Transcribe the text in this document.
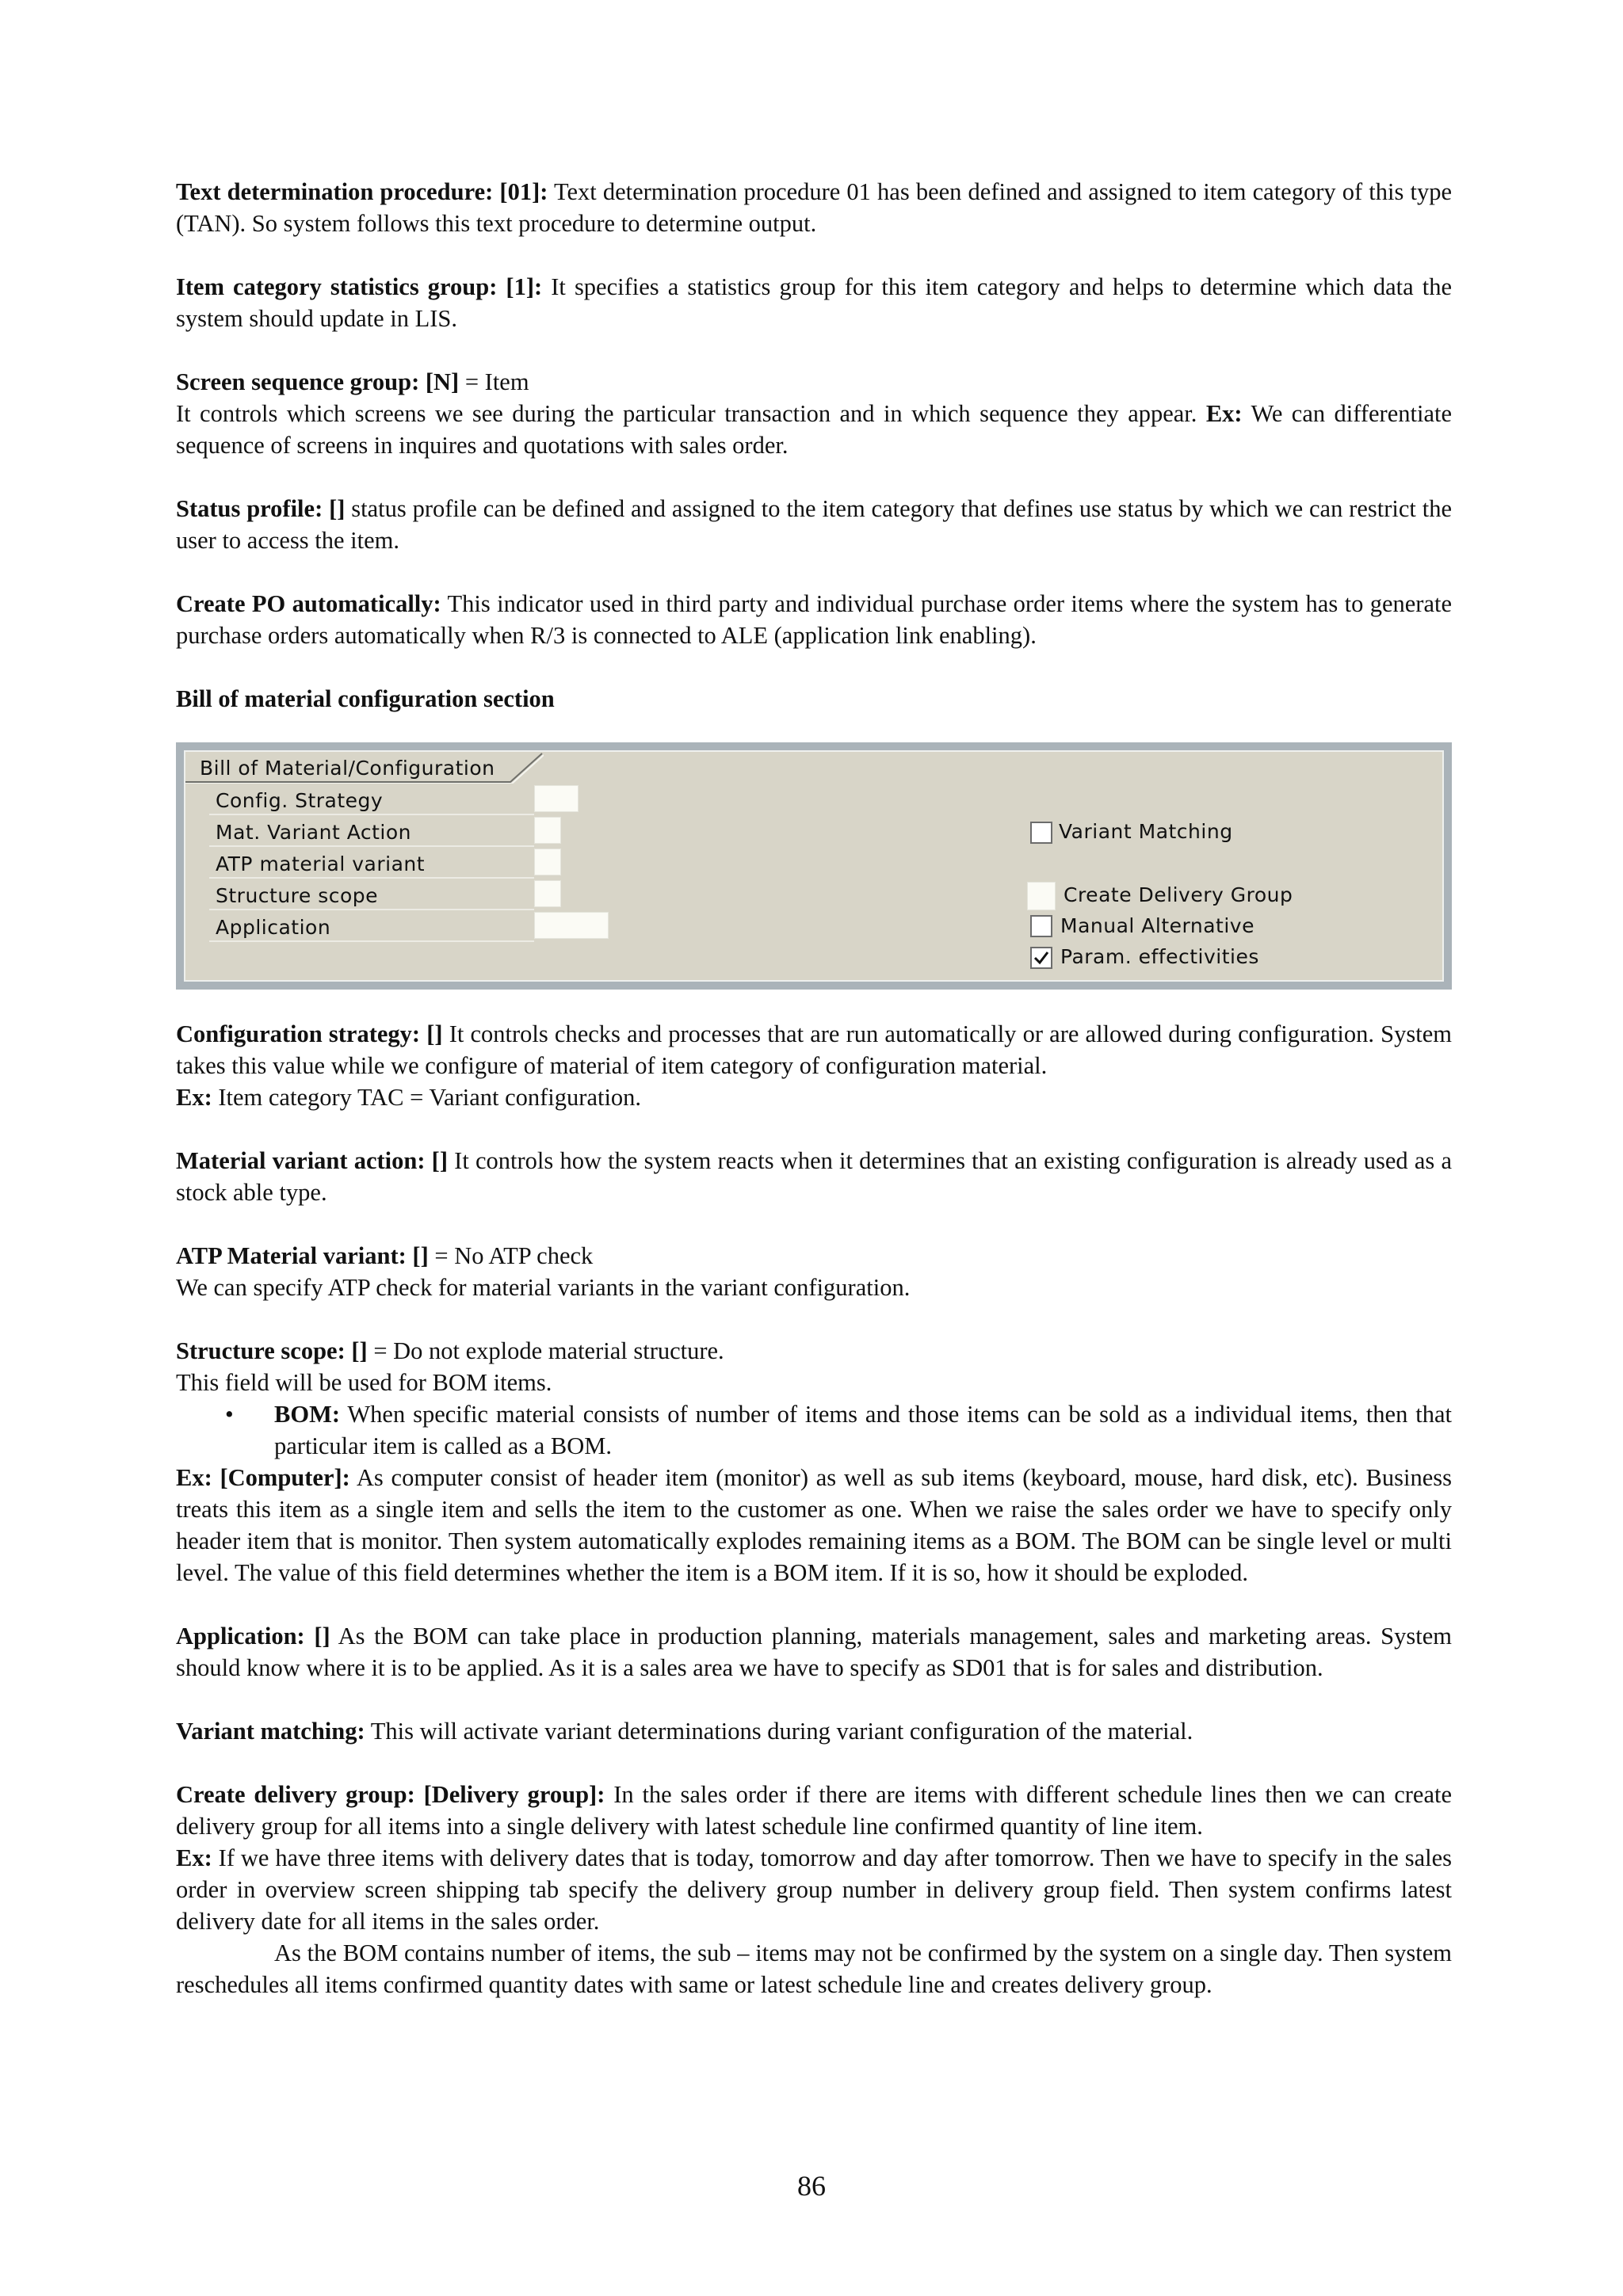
Text determination procedure: [01]: Text determination procedure 01 has been defined and assigned to item category of this type (TAN). So system follows this text procedure to determine output.

Item category statistics group: [1]: It specifies a statistics group for this item category and helps to determine which data the system should update in LIS.

Screen sequence group: [N] = Item
It controls which screens we see during the particular transaction and in which sequence they appear. Ex: We can differentiate sequence of screens in inquires and quotations with sales order.

Status profile: [] status profile can be defined and assigned to the item category that defines use status by which we can restrict the user to access the item.

Create PO automatically: This indicator used in third party and individual purchase order items where the system has to generate purchase orders automatically when R/3 is connected to ALE (application link enabling).

Bill of material configuration section

Bill of Material/Configuration
Config. Strategy
Mat. Variant Action
ATP material variant
Structure scope
Application
Variant Matching
Create Delivery Group
Manual Alternative
Param. effectivities

Configuration strategy: [] It controls checks and processes that are run automatically or are allowed during configuration. System takes this value while we configure of material of item category of configuration material.
Ex: Item category TAC = Variant configuration.

Material variant action: [] It controls how the system reacts when it determines that an existing configuration is already used as a stock able type.

ATP Material variant: [] = No ATP check
We can specify ATP check for material variants in the variant configuration.

Structure scope: [] = Do not explode material structure.
This field will be used for BOM items.

•	BOM: When specific material consists of number of items and those items can be sold as a individual items, then that particular item is called as a BOM.

Ex: [Computer]: As computer consist of header item (monitor) as well as sub items (keyboard, mouse, hard disk, etc). Business treats this item as a single item and sells the item to the customer as one. When we raise the sales order we have to specify only header item that is monitor. Then system automatically explodes remaining items as a BOM. The BOM can be single level or multi level. The value of this field determines whether the item is a BOM item. If it is so, how it should be exploded.

Application: [] As the BOM can take place in production planning, materials management, sales and marketing areas. System should know where it is to be applied. As it is a sales area we have to specify as SD01 that is for sales and distribution.

Variant matching: This will activate variant determinations during variant configuration of the material.

Create delivery group: [Delivery group]: In the sales order if there are items with different schedule lines then we can create delivery group for all items into a single delivery with latest schedule line confirmed quantity of line item.

Ex: If we have three items with delivery dates that is today, tomorrow and day after tomorrow. Then we have to specify in the sales order in overview screen shipping tab specify the delivery group number in delivery group field. Then system confirms latest delivery date for all items in the sales order.

As the BOM contains number of items, the sub – items may not be confirmed by the system on a single day. Then system reschedules all items confirmed quantity dates with same or latest schedule line and creates delivery group.

86
